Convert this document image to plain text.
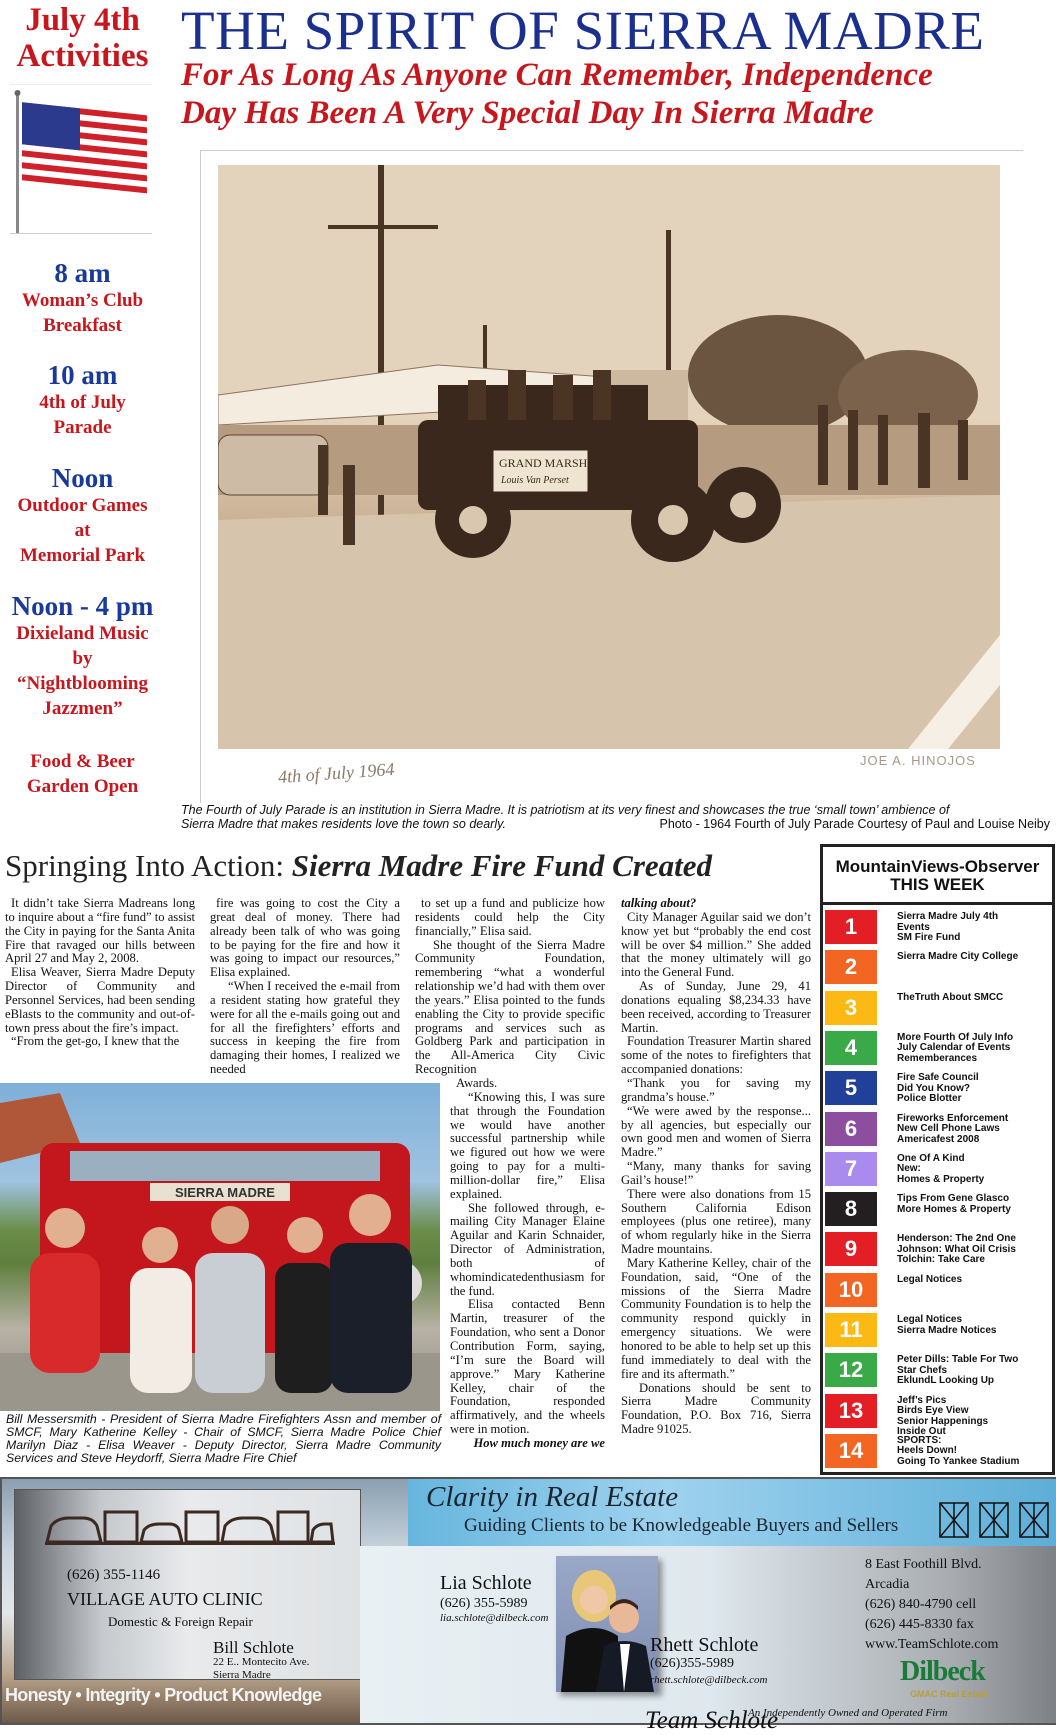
July 4th
Activities
8 am
Woman’s Club
Breakfast
10 am
4th of July
Parade
Noon
Outdoor Games
at
Memorial Park
Noon - 4 pm
Dixieland Music
by
“Nightblooming
Jazzmen”
Food & Beer
Garden Open
THE SPIRIT OF SIERRA MADRE
For As Long As Anyone Can Remember, Independence
Day Has Been A Very Special Day In Sierra Madre
GRAND MARSHAL
Louis Van Perset
4th of July 1964	JOE A. HINOJOS
The Fourth of July Parade is an institution in Sierra Madre. It is patriotism at its very finest and showcases the true ‘small town’ ambience of
Sierra Madre that makes residents love the town so dearly.	Photo - 1964 Fourth of July Parade Courtesy of Paul and Louise Neiby
Springing Into Action: Sierra Madre Fire Fund Created

It didn’t take Sierra Madreans long to inquire about a “fire fund” to assist the City in paying for the Santa Anita Fire that ravaged our hills between April 27 and May 2, 2008.

Elisa Weaver, Sierra Madre Deputy Director of Community and Personnel Services, had been sending eBlasts to the community and out-of-town press about the fire’s impact.

“From the get-go, I knew that the

fire was going to cost the City a great deal of money. There had already been talk of who was going to be paying for the fire and how it was going to impact our resources,” Elisa explained.

“When I received the e-mail from a resident stating how grateful they were for all the e-mails going out and for all the firefighters’ efforts and success in keeping the fire from damaging their homes, I realized we needed

to set up a fund and publicize how residents could help the City financially,” Elisa said.

She thought of the Sierra Madre Community Foundation, remembering “what a wonderful relationship we’d had with them over the years.” Elisa pointed to the funds enabling the City to provide specific programs and services such as Goldberg Park and participation in the All-America City Civic Recognition

Awards.

“Knowing this, I was sure that through the Foundation we would have another successful partnership while we figured out how we were going to pay for a multi-million-dollar fire,” Elisa explained.

She followed through, e-mailing City Manager Elaine Aguilar and Karin Schnaider, Director of Administration, both of whomindicatedenthusiasm for the fund.

Elisa contacted Benn Martin, treasurer of the Foundation, who sent a Donor Contribution Form, saying, “I’m sure the Board will approve.” Mary Katherine Kelley, chair of the Foundation, responded affirmatively, and the wheels were in motion.

How much money are we

talking about?

City Manager Aguilar said we don’t know yet but “probably the end cost will be over $4 million.” She added that the money ultimately will go into the General Fund.

As of Sunday, June 29, 41 donations equaling $8,234.33 have been received, according to Treasurer Martin.

Foundation Treasurer Martin shared some of the notes to firefighters that accompanied donations:

“Thank you for saving my grandma’s house.”

“We were awed by the response... by all agencies, but especially our own good men and women of Sierra Madre.”

“Many, many thanks for saving Gail’s house!”

There were also donations from 15 Southern California Edison employees (plus one retiree), many of whom regularly hike in the Sierra Madre mountains.

Mary Katherine Kelley, chair of the Foundation, said, “One of the missions of the Sierra Madre Community Foundation is to help the community respond quickly in emergency situations. We were honored to be able to help set up this fund immediately to deal with the fire and its aftermath.”

Donations should be sent to Sierra Madre Community Foundation, P.O. Box 716, Sierra Madre 91025.

SIERRA MADRE
Bill Messersmith - President of Sierra Madre Firefighters Assn and member of SMCF, Mary Katherine Kelley - Chair of SMCF, Sierra Madre Police Chief Marilyn Diaz - Elisa Weaver - Deputy Director, Sierra Madre Community Services and Steve Heydorff, Sierra Madre Fire Chief
MountainViews-Observer
THIS WEEK
1	Sierra Madre July 4th
Events
SM Fire Fund
2	Sierra Madre City College
3	TheTruth About SMCC
4	More Fourth Of July Info
July Calendar of Events
Rememberances
5	Fire Safe Council
Did You Know?
Police Blotter
6	Fireworks Enforcement
New Cell Phone Laws
Americafest 2008
7	One Of A Kind
New:
Homes & Property
8	Tips From Gene Glasco
More Homes & Property
9	Henderson: The 2nd One
Johnson: What Oil Crisis
Tolchin: Take Care
10	Legal Notices
11	Legal Notices
Sierra Madre Notices
12	Peter Dills: Table For Two
Star Chefs
EklundL Looking Up
13	Jeff’s Pics
Birds Eye View
Senior Happenings
Inside Out
14	SPORTS:
Heels Down!
Going To Yankee Stadium
(626) 355-1146
VILLAGE AUTO CLINIC
Domestic & Foreign Repair
Bill Schlote
22 E.. Montecito Ave.
Sierra Madre
Honesty • Integrity • Product Knowledge
Clarity in Real Estate
Guiding Clients to be Knowledgeable Buyers and Sellers
Lia Schlote
(626) 355-5989
lia.schlote@dilbeck.com
Team Schlote
Rhett Schlote
(626)355-5989
rhett.schlote@dilbeck.com
8 East Foothill Blvd.
Arcadia
(626) 840-4790 cell
(626) 445-8330 fax
www.TeamSchlote.com
Dilbeck
GMAC Real Estate
An Independently Owned and Operated Firm
